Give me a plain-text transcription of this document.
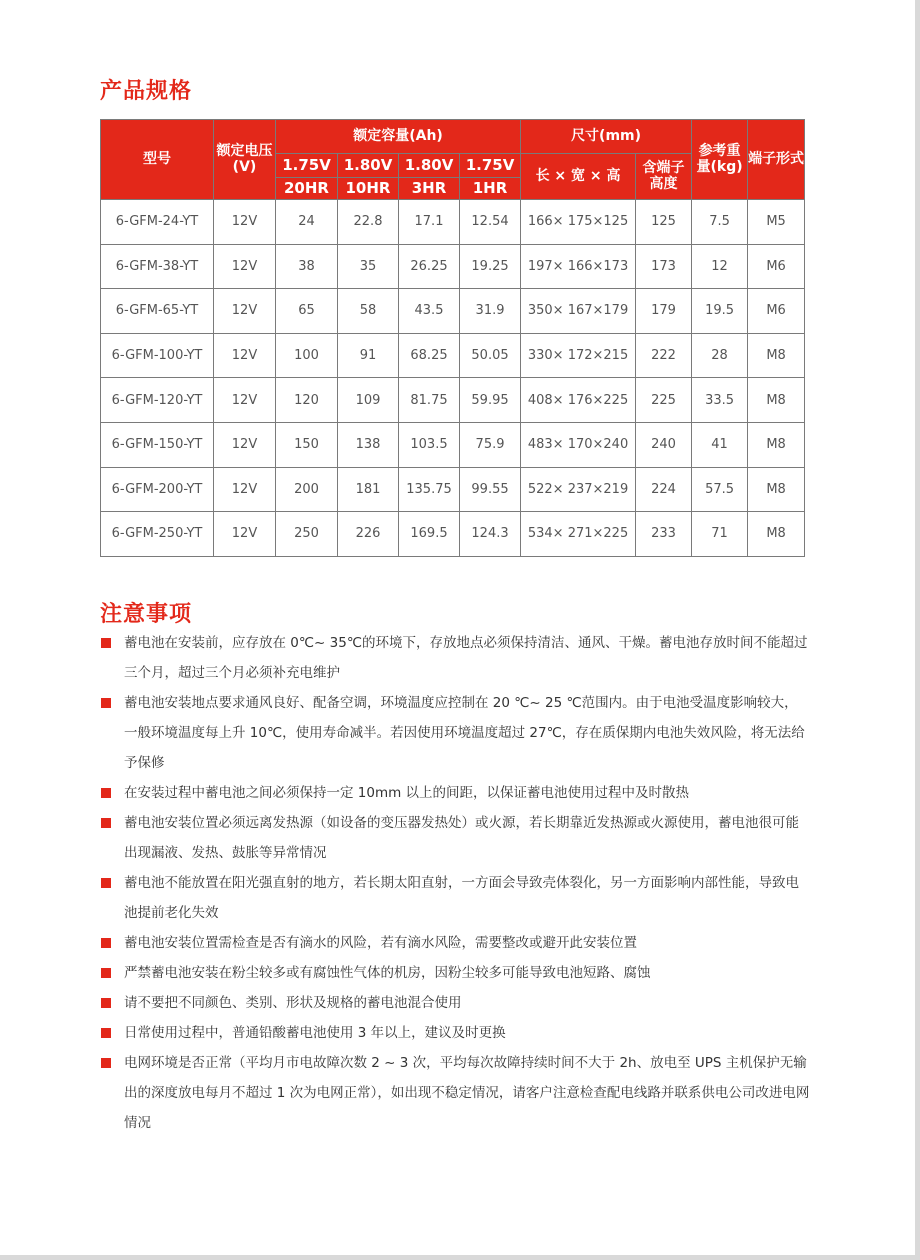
产品规格
型号	额定电压(V)	额定容量(Ah)				尺寸(mm)		参考重量(kg)	端子形式
		1.75V	1.80V	1.80V	1.75V	长 × 宽 × 高	含端子高度		
		20HR	10HR	3HR	1HR				
6-GFM-24-YT	12V	24	22.8	17.1	12.54	166× 175×125	125	7.5	M5
6-GFM-38-YT	12V	38	35	26.25	19.25	197× 166×173	173	12	M6
6-GFM-65-YT	12V	65	58	43.5	31.9	350× 167×179	179	19.5	M6
6-GFM-100-YT	12V	100	91	68.25	50.05	330× 172×215	222	28	M8
6-GFM-120-YT	12V	120	109	81.75	59.95	408× 176×225	225	33.5	M8
6-GFM-150-YT	12V	150	138	103.5	75.9	483× 170×240	240	41	M8
6-GFM-200-YT	12V	200	181	135.75	99.55	522× 237×219	224	57.5	M8
6-GFM-250-YT	12V	250	226	169.5	124.3	534× 271×225	233	71	M8
注意事项
蓄电池在安装前，应存放在 0℃~ 35℃的环境下，存放地点必须保持清洁、通风、干燥。蓄电池存放时间不能超过三个月，超过三个月必须补充电维护
蓄电池安装地点要求通风良好、配备空调，环境温度应控制在 20 ℃~ 25 ℃范围内。由于电池受温度影响较大，一般环境温度每上升 10℃，使用寿命减半。若因使用环境温度超过 27℃，存在质保期内电池失效风险，将无法给予保修
在安装过程中蓄电池之间必须保持一定 10mm 以上的间距，以保证蓄电池使用过程中及时散热
蓄电池安装位置必须远离发热源（如设备的变压器发热处）或火源，若长期靠近发热源或火源使用，蓄电池很可能出现漏液、发热、鼓胀等异常情况
蓄电池不能放置在阳光强直射的地方，若长期太阳直射，一方面会导致壳体裂化，另一方面影响内部性能，导致电池提前老化失效
蓄电池安装位置需检查是否有滴水的风险，若有滴水风险，需要整改或避开此安装位置
严禁蓄电池安装在粉尘较多或有腐蚀性气体的机房，因粉尘较多可能导致电池短路、腐蚀
请不要把不同颜色、类别、形状及规格的蓄电池混合使用
日常使用过程中，普通铅酸蓄电池使用 3 年以上，建议及时更换
电网环境是否正常（平均月市电故障次数 2 ~ 3 次，平均每次故障持续时间不大于 2h、放电至 UPS 主机保护无输出的深度放电每月不超过 1 次为电网正常），如出现不稳定情况，请客户注意检查配电线路并联系供电公司改进电网情况
